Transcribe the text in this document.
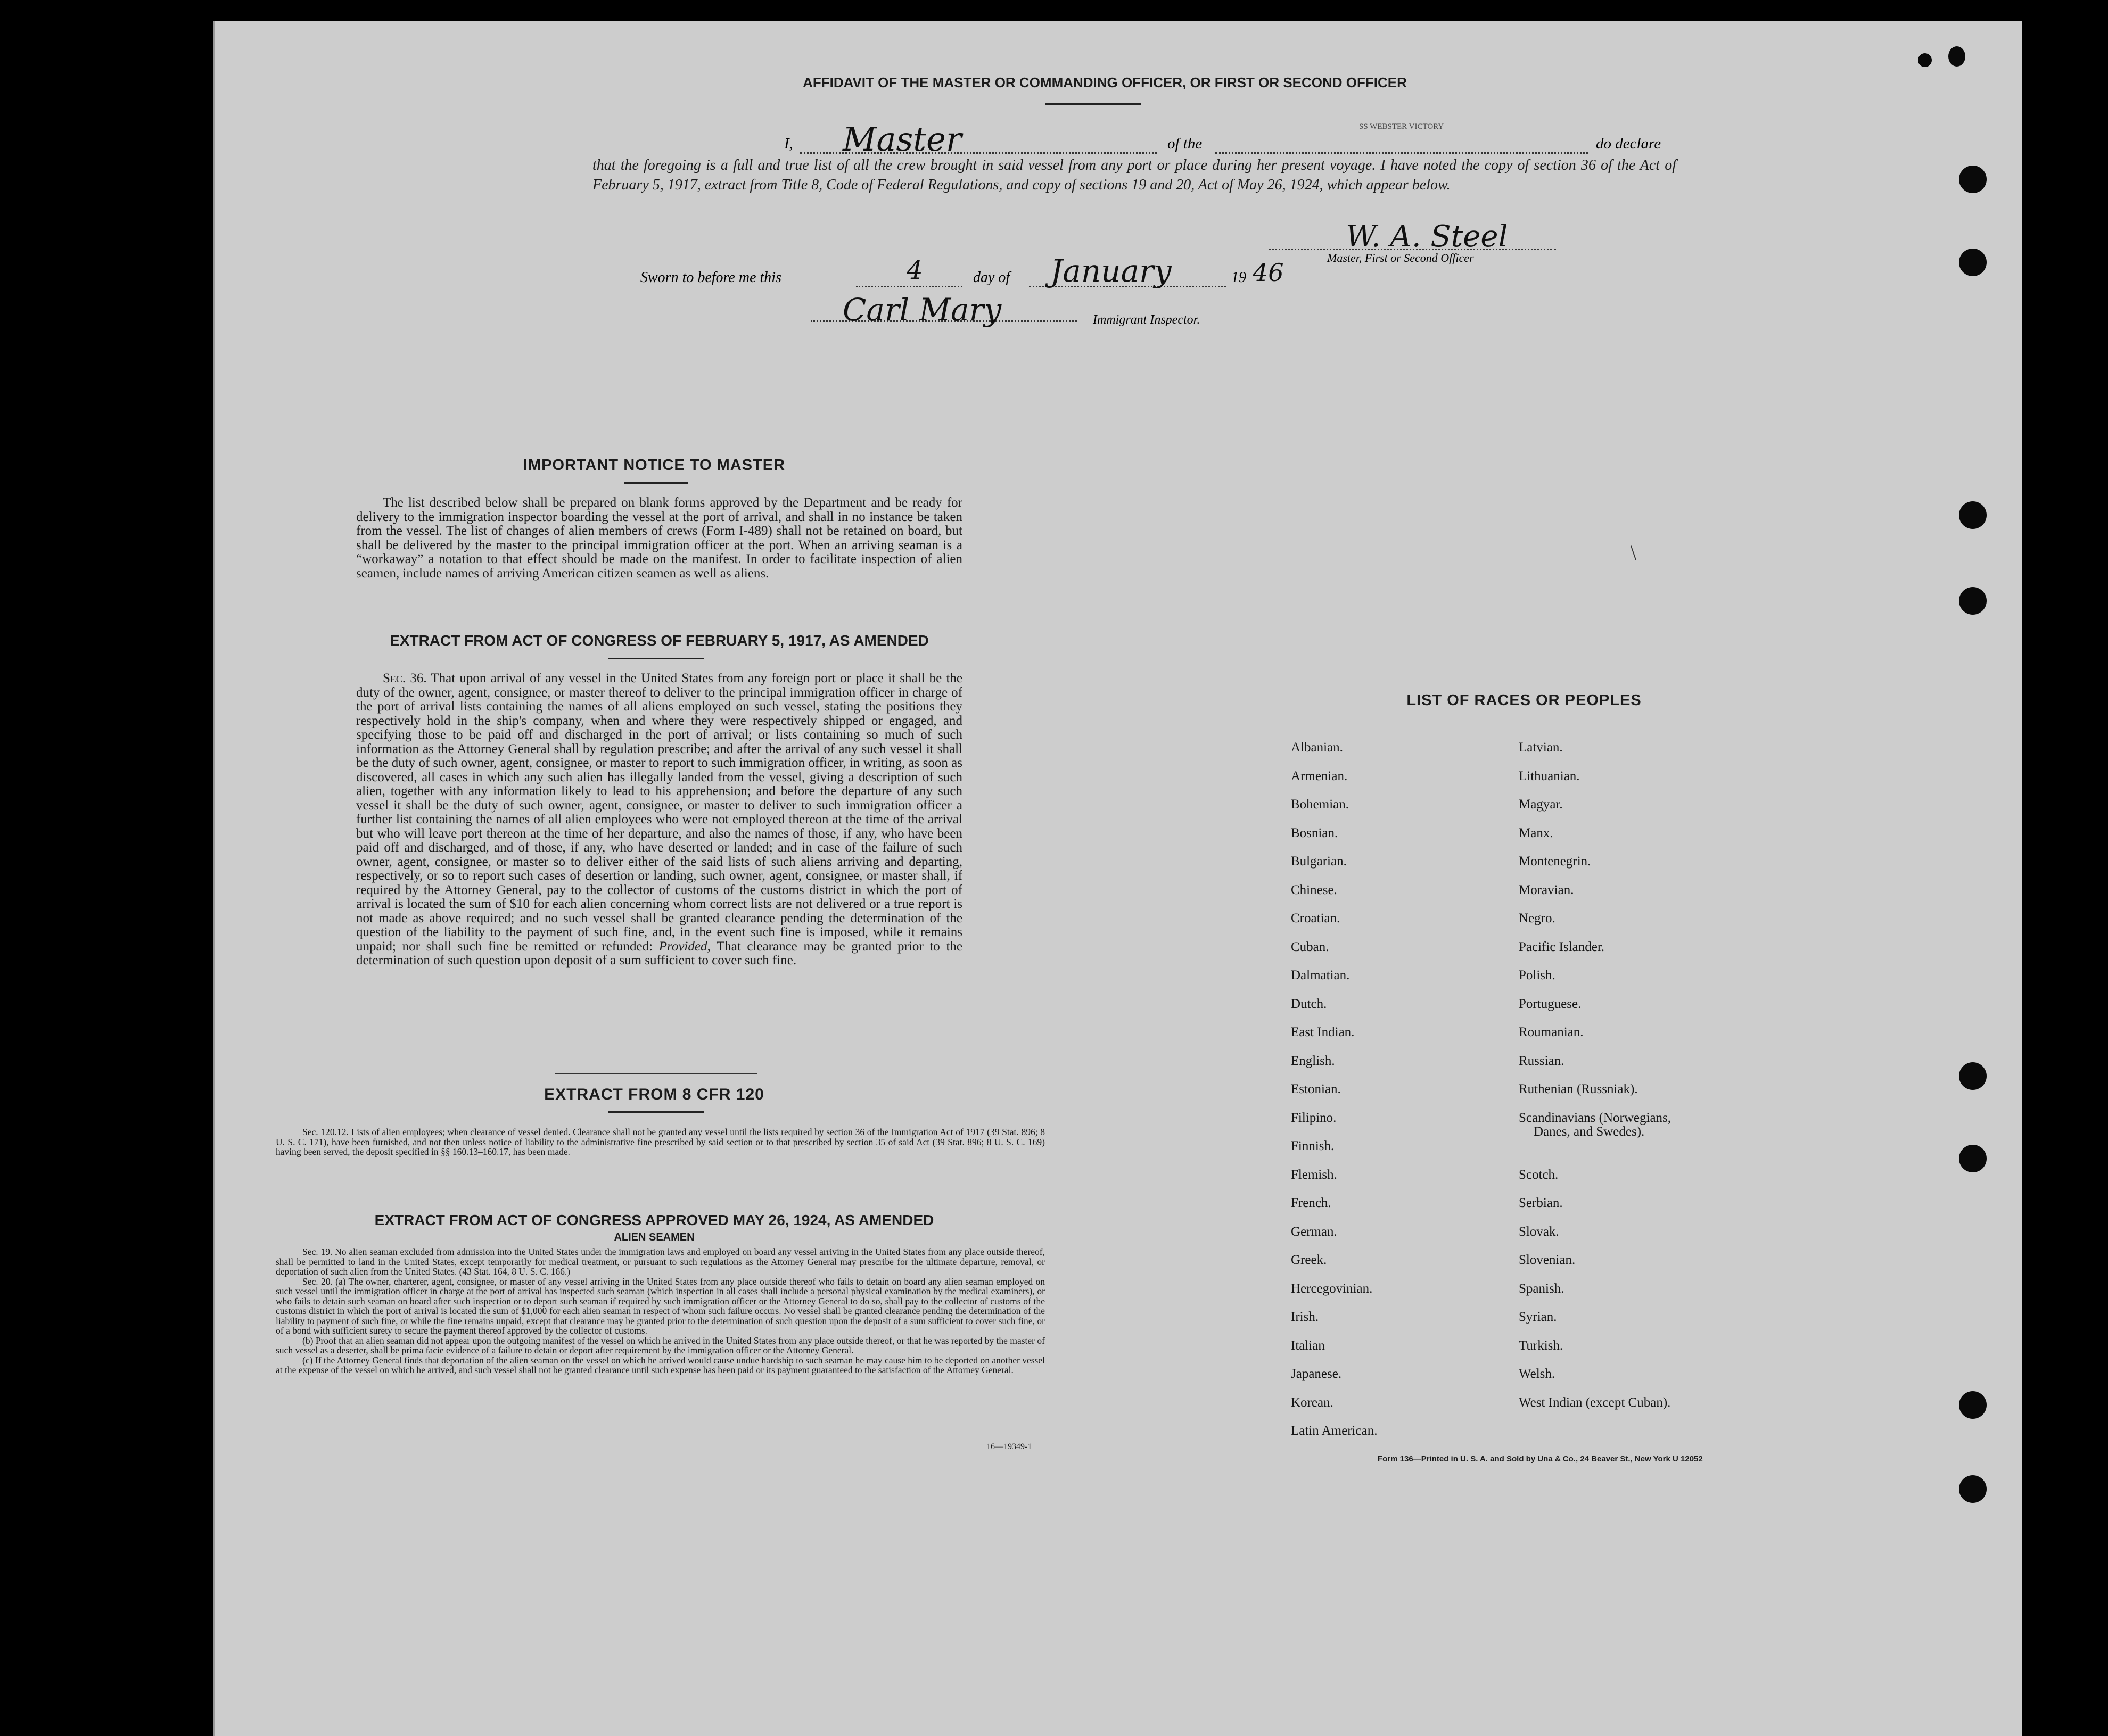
AFFIDAVIT OF THE MASTER OR COMMANDING OFFICER, OR FIRST OR SECOND OFFICER
I, Master	of the
SS WEBSTER VICTORY
do declare
that the foregoing is a full and true list of all the crew brought in said vessel from any port or place during her present voyage. I have noted the copy of section 36 of the Act of February 5, 1917, extract from Title 8, Code of Federal Regulations, and copy of sections 19 and 20, Act of May 26, 1924, which appear below.
Sworn to before me this	4	day of January	19 46
W. A. Steel
Master, First or Second Officer
Carl Mary	Immigrant Inspector.
IMPORTANT NOTICE TO MASTER
The list described below shall be prepared on blank forms approved by the Department and be ready for delivery to the immigration inspector boarding the vessel at the port of arrival, and shall in no instance be taken from the vessel. The list of changes of alien members of crews (Form I-489) shall not be retained on board, but shall be delivered by the master to the principal immigration officer at the port. When an arriving seaman is a “workaway” a notation to that effect should be made on the manifest. In order to facilitate inspection of alien seamen, include names of arriving American citizen seamen as well as aliens.
EXTRACT FROM ACT OF CONGRESS OF FEBRUARY 5, 1917, AS AMENDED
Sec. 36. That upon arrival of any vessel in the United States from any foreign port or place it shall be the duty of the owner, agent, consignee, or master thereof to deliver to the principal immigration officer in charge of the port of arrival lists containing the names of all aliens employed on such vessel, stating the positions they respectively hold in the ship's company, when and where they were respectively shipped or engaged, and specifying those to be paid off and discharged in the port of arrival; or lists containing so much of such information as the Attorney General shall by regulation prescribe; and after the arrival of any such vessel it shall be the duty of such owner, agent, consignee, or master to report to such immigration officer, in writing, as soon as discovered, all cases in which any such alien has illegally landed from the vessel, giving a description of such alien, together with any information likely to lead to his apprehension; and before the departure of any such vessel it shall be the duty of such owner, agent, consignee, or master to deliver to such immigration officer a further list containing the names of all alien employees who were not employed thereon at the time of the arrival but who will leave port thereon at the time of her departure, and also the names of those, if any, who have been paid off and discharged, and of those, if any, who have deserted or landed; and in case of the failure of such owner, agent, consignee, or master so to deliver either of the said lists of such aliens arriving and departing, respectively, or so to report such cases of desertion or landing, such owner, agent, consignee, or master shall, if required by the Attorney General, pay to the collector of customs of the customs district in which the port of arrival is located the sum of $10 for each alien concerning whom correct lists are not delivered or a true report is not made as above required; and no such vessel shall be granted clearance pending the determination of the question of the liability to the payment of such fine, and, in the event such fine is imposed, while it remains unpaid; nor shall such fine be remitted or refunded: Provided, That clearance may be granted prior to the determination of such question upon deposit of a sum sufficient to cover such fine.
EXTRACT FROM 8 CFR 120
Sec. 120.12. Lists of alien employees; when clearance of vessel denied. Clearance shall not be granted any vessel until the lists required by section 36 of the Immigration Act of 1917 (39 Stat. 896; 8 U. S. C. 171), have been furnished, and not then unless notice of liability to the administrative fine prescribed by said section or to that prescribed by section 35 of said Act (39 Stat. 896; 8 U. S. C. 169) having been served, the deposit specified in §§ 160.13–160.17, has been made.
EXTRACT FROM ACT OF CONGRESS APPROVED MAY 26, 1924, AS AMENDED
ALIEN SEAMEN
Sec. 19. No alien seaman excluded from admission into the United States under the immigration laws and employed on board any vessel arriving in the United States from any place outside thereof, shall be permitted to land in the United States, except temporarily for medical treatment, or pursuant to such regulations as the Attorney General may prescribe for the ultimate departure, removal, or deportation of such alien from the United States. (43 Stat. 164, 8 U. S. C. 166.)
Sec. 20. (a) The owner, charterer, agent, consignee, or master of any vessel arriving in the United States from any place outside thereof who fails to detain on board any alien seaman employed on such vessel until the immigration officer in charge at the port of arrival has inspected such seaman (which inspection in all cases shall include a personal physical examination by the medical examiners), or who fails to detain such seaman on board after such inspection or to deport such seaman if required by such immigration officer or the Attorney General to do so, shall pay to the collector of customs of the customs district in which the port of arrival is located the sum of $1,000 for each alien seaman in respect of whom such failure occurs. No vessel shall be granted clearance pending the determination of the liability to payment of such fine, or while the fine remains unpaid, except that clearance may be granted prior to the determination of such question upon the deposit of a sum sufficient to cover such fine, or of a bond with sufficient surety to secure the payment thereof approved by the collector of customs.
(b) Proof that an alien seaman did not appear upon the outgoing manifest of the vessel on which he arrived in the United States from any place outside thereof, or that he was reported by the master of such vessel as a deserter, shall be prima facie evidence of a failure to detain or deport after requirement by the immigration officer or the Attorney General.
(c) If the Attorney General finds that deportation of the alien seaman on the vessel on which he arrived would cause undue hardship to such seaman he may cause him to be deported on another vessel at the expense of the vessel on which he arrived, and such vessel shall not be granted clearance until such expense has been paid or its payment guaranteed to the satisfaction of the Attorney General.
16—19349-1
LIST OF RACES OR PEOPLES
Albanian.
Armenian.
Bohemian.
Bosnian.
Bulgarian.
Chinese.
Croatian.
Cuban.
Dalmatian.
Dutch.
East Indian.
English.
Estonian.
Filipino.
Finnish.
Flemish.
French.
German.
Greek.
Hercegovinian.
Irish.
Italian
Japanese.
Korean.
Latin American.
Latvian.
Lithuanian.
Magyar.
Manx.
Montenegrin.
Moravian.
Negro.
Pacific Islander.
Polish.
Portuguese.
Roumanian.
Russian.
Ruthenian (Russniak).
Scandinavians (Norwegians,
Danes, and Swedes).
Scotch.
Serbian.
Slovak.
Slovenian.
Spanish.
Syrian.
Turkish.
Welsh.
West Indian (except Cuban).
Form 136—Printed in U. S. A. and Sold by Una & Co., 24 Beaver St., New York U 12052
\
